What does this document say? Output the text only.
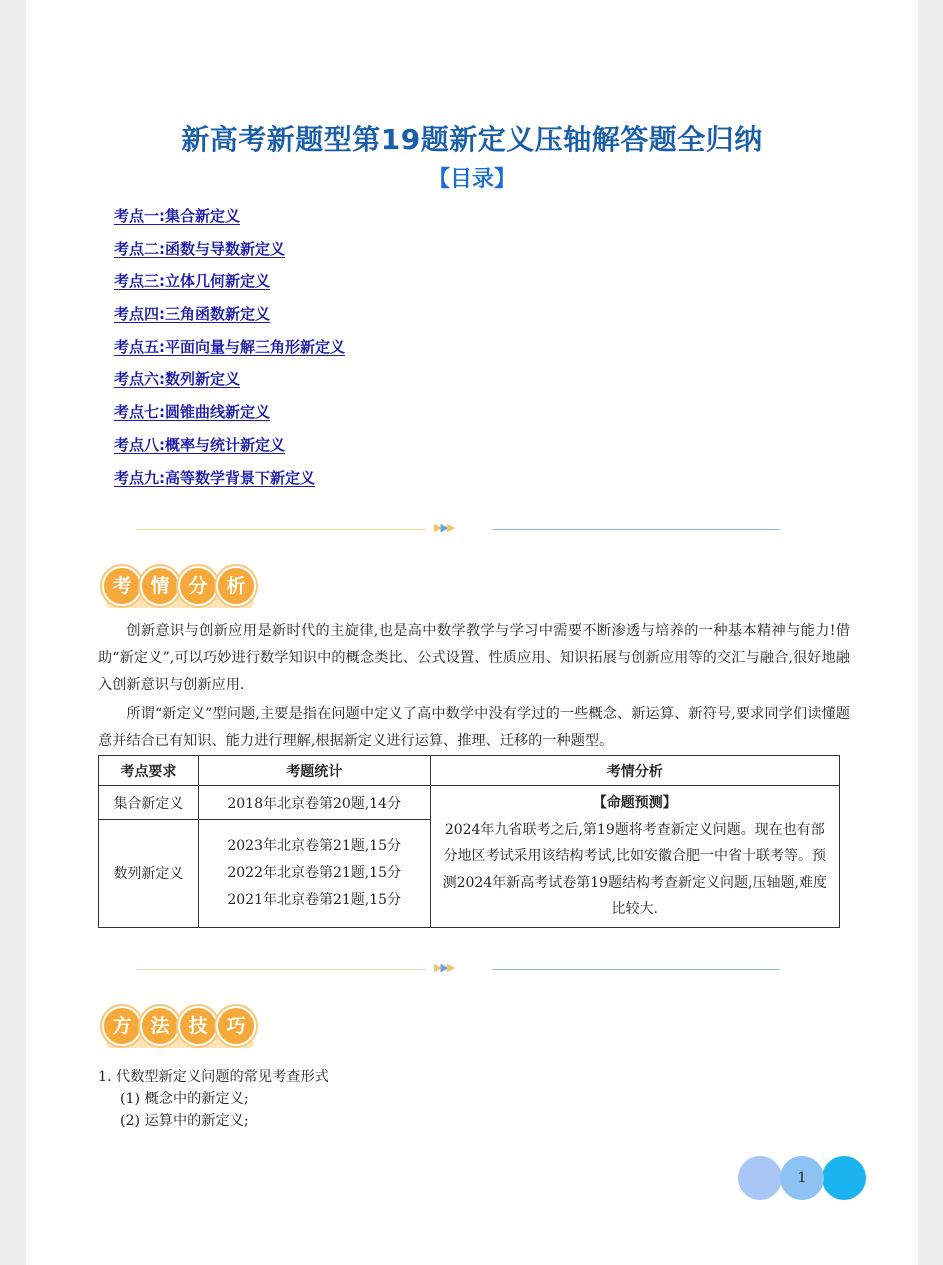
新高考新题型第19题新定义压轴解答题全归纳
【目录】
考点一:集合新定义
考点二:函数与导数新定义
考点三:立体几何新定义
考点四:三角函数新定义
考点五:平面向量与解三角形新定义
考点六:数列新定义
考点七:圆锥曲线新定义
考点八:概率与统计新定义
考点九:高等数学背景下新定义
▶▶▶
考 情 分 析

创新意识与创新应用是新时代的主旋律,也是高中数学教学与学习中需要不断渗透与培养的一种基本精神与能力!借助“新定义”,可以巧妙进行数学知识中的概念类比、公式设置、性质应用、知识拓展与创新应用等的交汇与融合,很好地融入创新意识与创新应用.

所谓“新定义”型问题,主要是指在问题中定义了高中数学中没有学过的一些概念、新运算、新符号,要求同学们读懂题意并结合已有知识、能力进行理解,根据新定义进行运算、推理、迁移的一种题型。

考点要求	考题统计	考情分析
集合新定义	2018年北京卷第20题,14分	【命题预测】
2024年九省联考之后,第19题将考查新定义问题。现在也有部分地区考试采用该结构考试,比如安徽合肥一中省十联考等。预测2024年新高考试卷第19题结构考查新定义问题,压轴题,难度比较大.
数列新定义	2023年北京卷第21题,15分
2022年北京卷第21题,15分
2021年北京卷第21题,15分	
▶▶▶
方 法 技 巧
1. 代数型新定义问题的常见考查形式
(1) 概念中的新定义;
(2) 运算中的新定义;
1
